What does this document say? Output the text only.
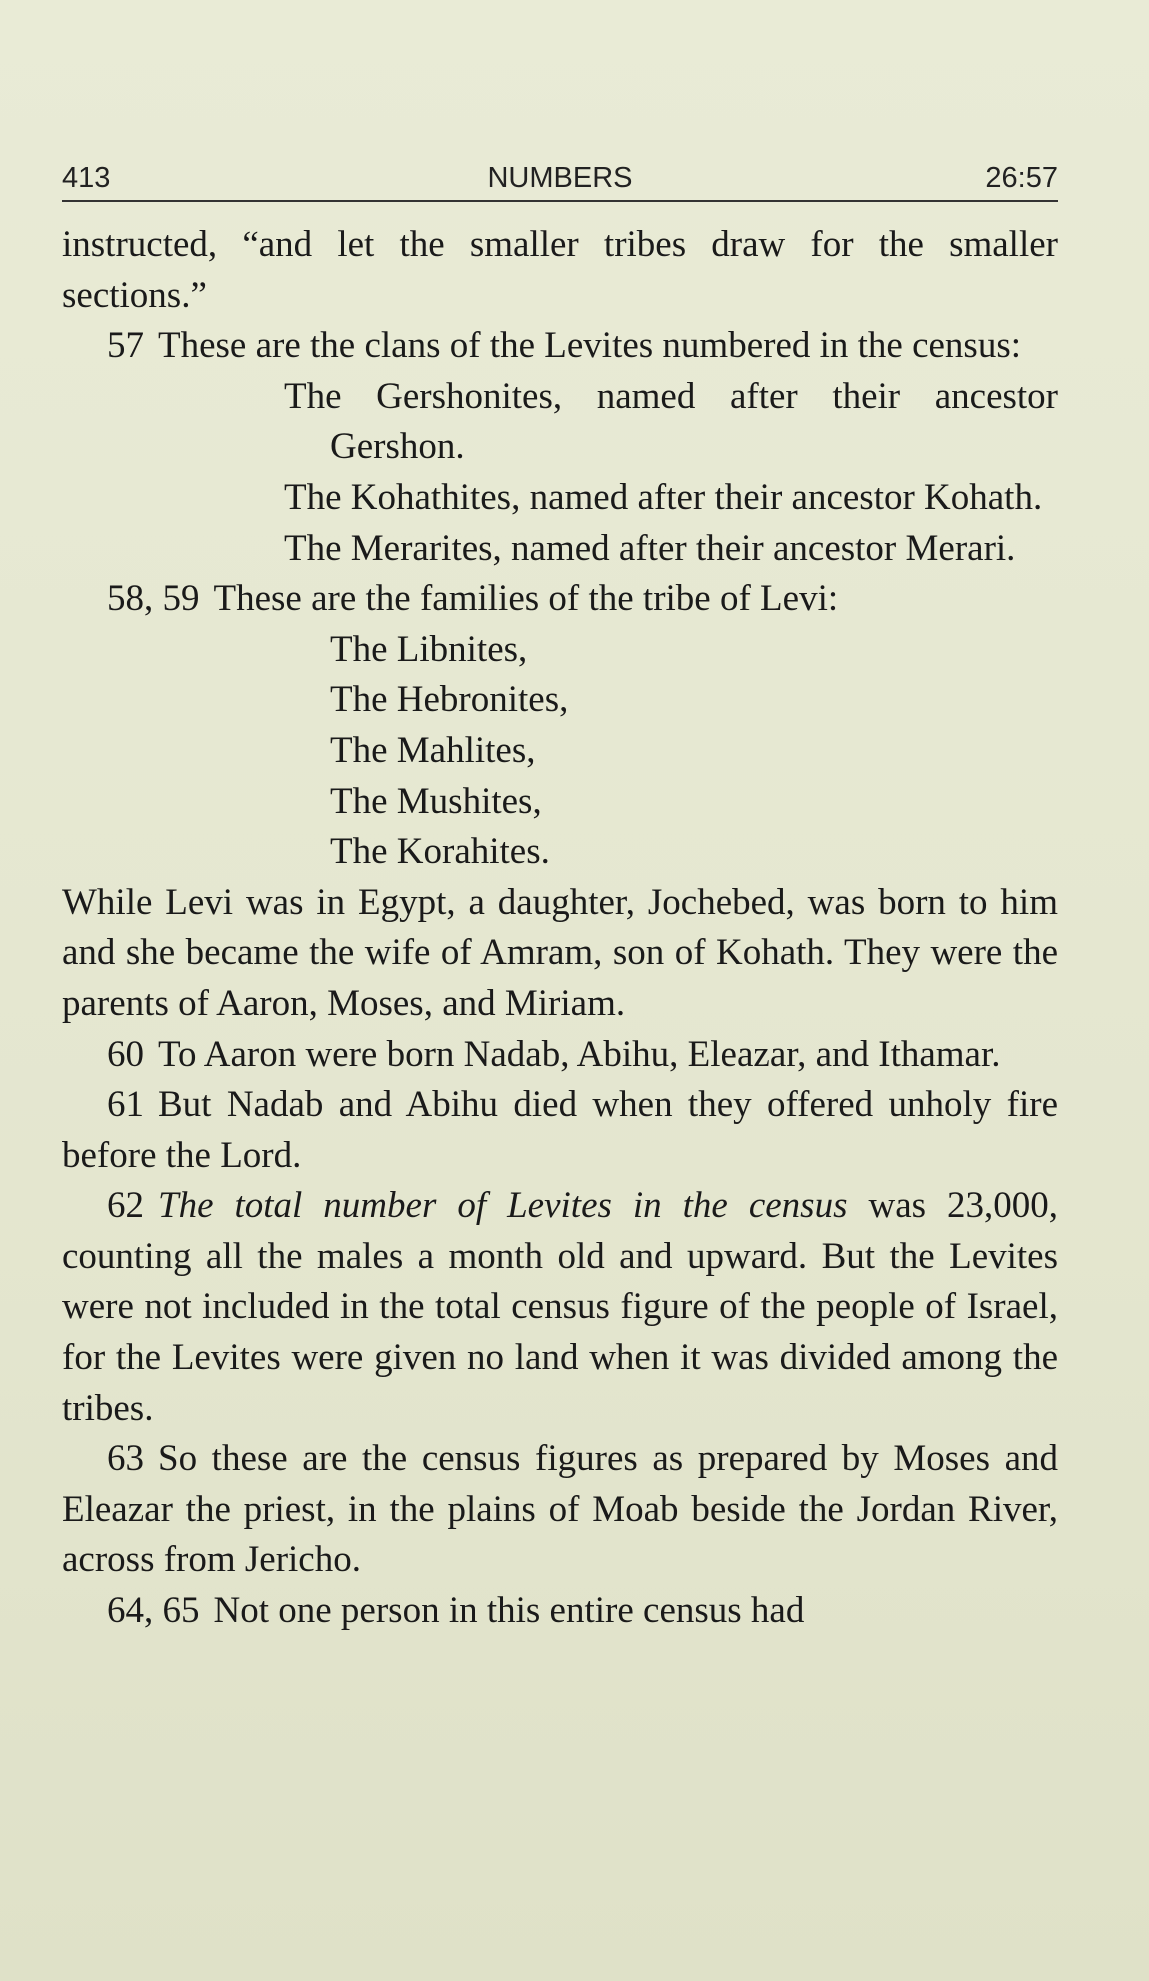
413	NUMBERS	26:57

instructed, “and let the smaller tribes draw for the smaller sections.”

57 These are the clans of the Levites numbered in the census:

The Gershonites, named after their ancestor Gershon.

The Kohathites, named after their ancestor Kohath.

The Merarites, named after their ancestor Merari.

58, 59 These are the families of the tribe of Levi:

The Libnites,

The Hebronites,

The Mahlites,

The Mushites,

The Korahites.

While Levi was in Egypt, a daughter, Jochebed, was born to him and she became the wife of Amram, son of Kohath. They were the parents of Aaron, Moses, and Miriam.

60 To Aaron were born Nadab, Abihu, Eleazar, and Ithamar.

61 But Nadab and Abihu died when they offered unholy fire before the Lord.

62 The total number of Levites in the census was 23,000, counting all the males a month old and upward. But the Levites were not included in the total census figure of the people of Israel, for the Levites were given no land when it was divided among the tribes.

63 So these are the census figures as prepared by Moses and Eleazar the priest, in the plains of Moab beside the Jordan River, across from Jericho.

64, 65 Not one person in this entire census had
